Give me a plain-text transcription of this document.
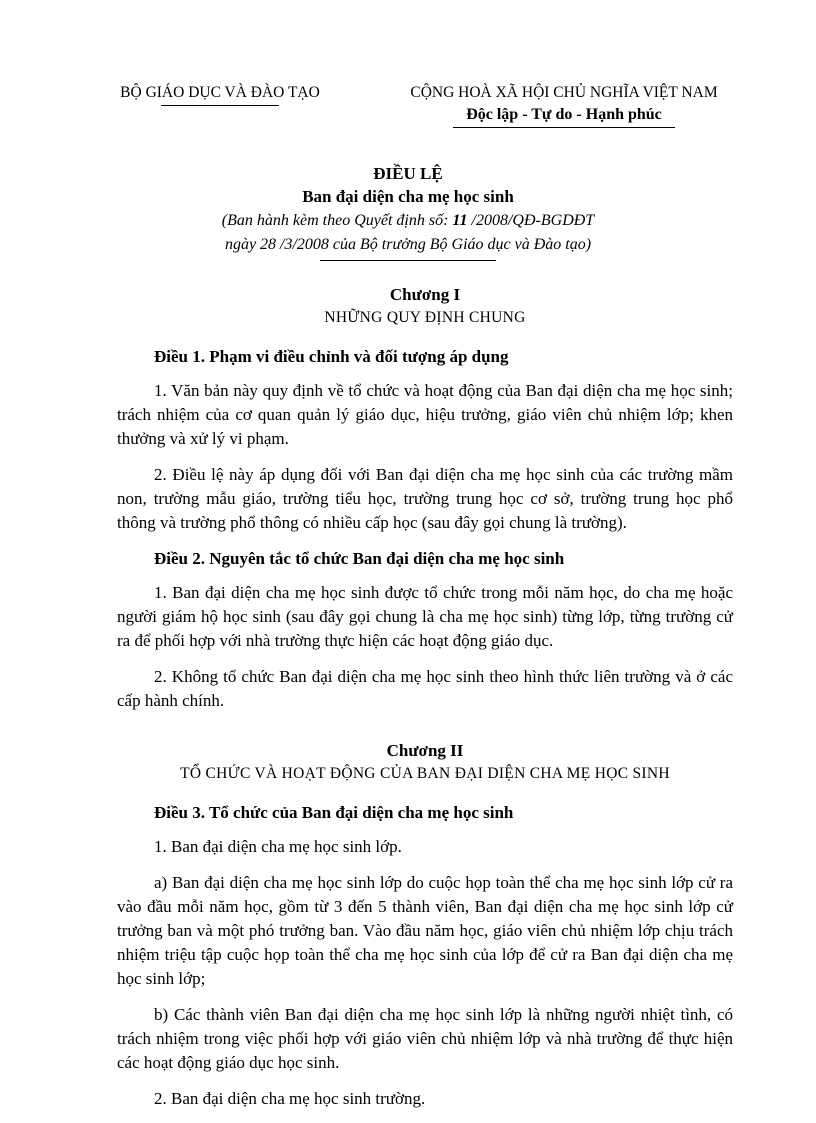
BỘ GIÁO DỤC VÀ ĐÀO TẠO	CỘNG HOÀ XÃ HỘI CHỦ NGHĨA VIỆT NAM
Độc lập - Tự do - Hạnh phúc
ĐIỀU LỆ
Ban đại diện cha mẹ học sinh
(Ban hành kèm theo Quyết định số: 11 /2008/QĐ-BGDĐT
ngày 28 /3/2008 của Bộ trưởng Bộ Giáo dục và Đào tạo)
Chương I
NHỮNG QUY ĐỊNH CHUNG
Điều 1. Phạm vi điều chỉnh và đối tượng áp dụng

1. Văn bản này quy định về tổ chức và hoạt động của Ban đại diện cha mẹ học sinh; trách nhiệm của cơ quan quản lý giáo dục, hiệu trưởng, giáo viên chủ nhiệm lớp; khen thưởng và xử lý vi phạm.

2. Điều lệ này áp dụng đối với Ban đại diện cha mẹ học sinh của các trường mầm non, trường mẫu giáo, trường tiểu học, trường trung học cơ sở, trường trung học phổ thông và trường phổ thông có nhiều cấp học (sau đây gọi chung là trường).

Điều 2. Nguyên tắc tổ chức Ban đại diện cha mẹ học sinh

1. Ban đại diện cha mẹ học sinh được tổ chức trong mỗi năm học, do cha mẹ hoặc người giám hộ học sinh (sau đây gọi chung là cha mẹ học sinh) từng lớp, từng trường cử ra để phối hợp với nhà trường thực hiện các hoạt động giáo dục.

2. Không tổ chức Ban đại diện cha mẹ học sinh theo hình thức liên trường và ở các cấp hành chính.

Chương II
TỔ CHỨC VÀ HOẠT ĐỘNG CỦA BAN ĐẠI DIỆN CHA MẸ HỌC SINH
Điều 3. Tổ chức của Ban đại diện cha mẹ học sinh

1. Ban đại diện cha mẹ học sinh lớp.

a) Ban đại diện cha mẹ học sinh lớp do cuộc họp toàn thể cha mẹ học sinh lớp cử ra vào đầu mỗi năm học, gồm từ 3 đến 5 thành viên, Ban đại diện cha mẹ học sinh lớp cử trưởng ban và một phó trưởng ban. Vào đầu năm học, giáo viên chủ nhiệm lớp chịu trách nhiệm triệu tập cuộc họp toàn thể cha mẹ học sinh của lớp để cử ra Ban đại diện cha mẹ học sinh lớp;

b) Các thành viên Ban đại diện cha mẹ học sinh lớp là những người nhiệt tình, có trách nhiệm trong việc phối hợp với giáo viên chủ nhiệm lớp và nhà trường để thực hiện các hoạt động giáo dục học sinh.

2. Ban đại diện cha mẹ học sinh trường.
